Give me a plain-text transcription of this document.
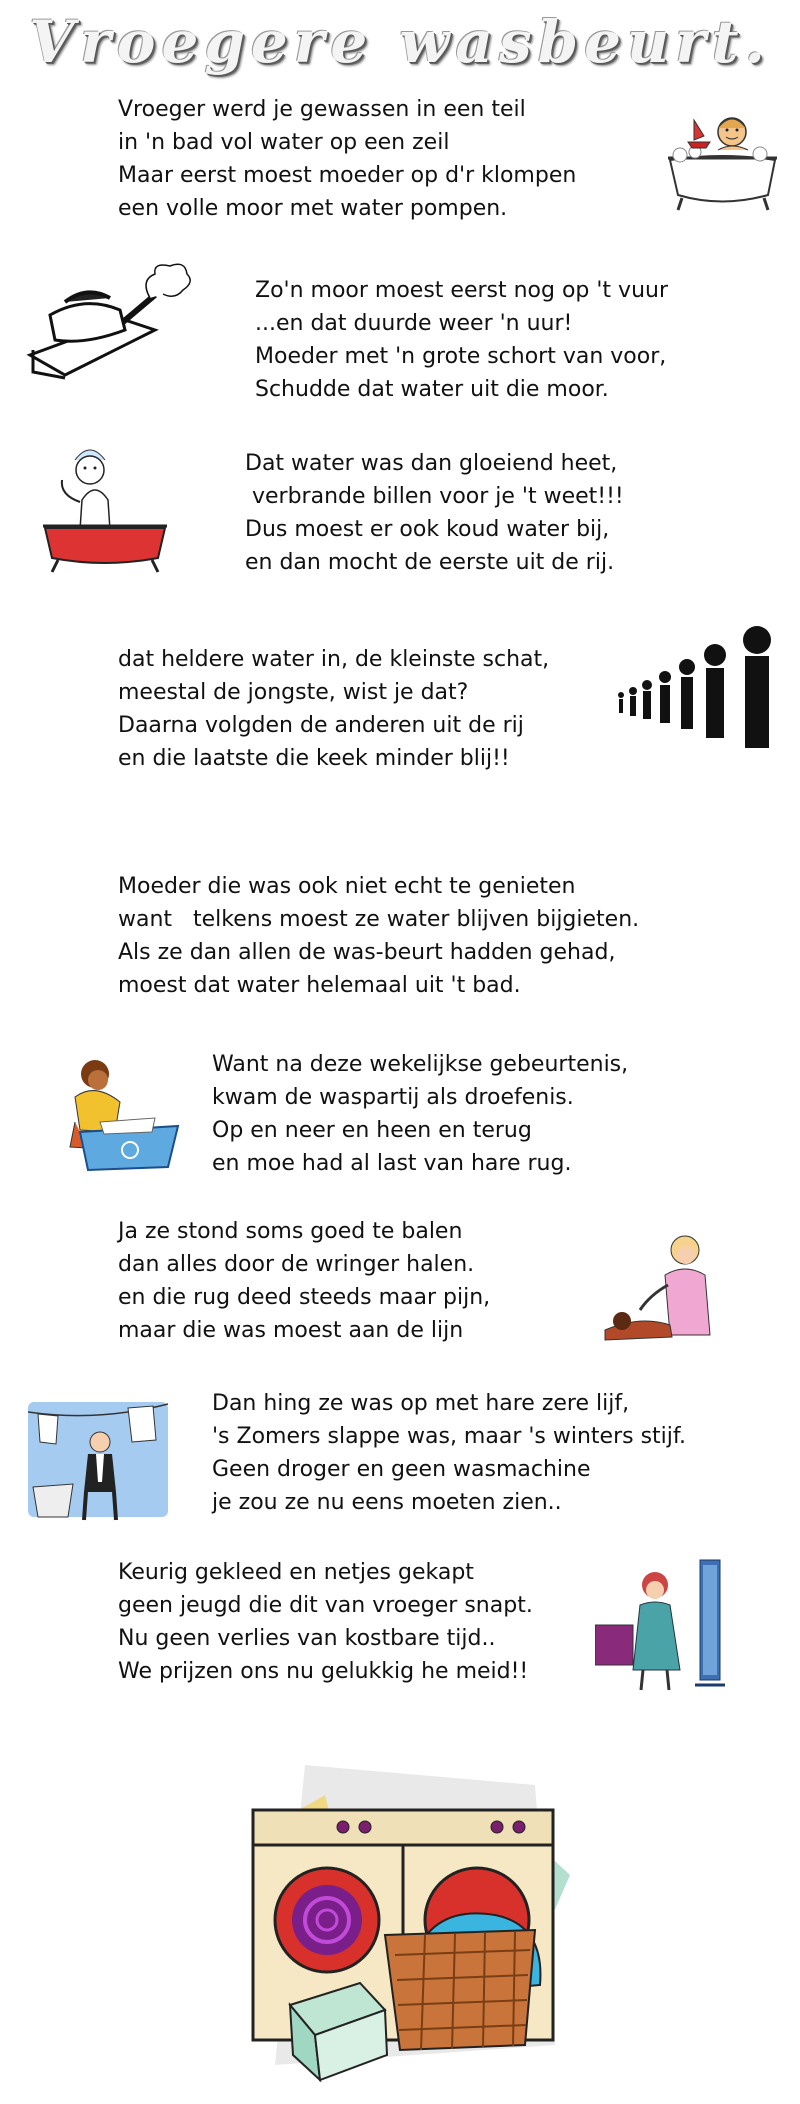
Vroegere wasbeurt.
Vroeger werd je gewassen in een teil
in 'n bad vol water op een zeil
Maar eerst moest moeder op d'r klompen
een volle moor met water pompen.
Zo'n moor moest eerst nog op 't vuur
...en dat duurde weer 'n uur!
Moeder met 'n grote schort van voor,
Schudde dat water uit die moor.
Dat water was dan gloeiend heet,
verbrande billen voor je 't weet!!!
Dus moest er ook koud water bij,
en dan mocht de eerste uit de rij.
dat heldere water in, de kleinste schat,
meestal de jongste, wist je dat?
Daarna volgden de anderen uit de rij
en die laatste die keek minder blij!!
Moeder die was ook niet echt te genieten
want   telkens moest ze water blijven bijgieten.
Als ze dan allen de was-beurt hadden gehad,
moest dat water helemaal uit 't bad.
Want na deze wekelijkse gebeurtenis,
kwam de waspartij als droefenis.
Op en neer en heen en terug
en moe had al last van hare rug.
Ja ze stond soms goed te balen
dan alles door de wringer halen.
en die rug deed steeds maar pijn,
maar die was moest aan de lijn
Dan hing ze was op met hare zere lijf,
's Zomers slappe was, maar 's winters stijf.
Geen droger en geen wasmachine
je zou ze nu eens moeten zien..
Keurig gekleed en netjes gekapt
geen jeugd die dit van vroeger snapt.
Nu geen verlies van kostbare tijd..
We prijzen ons nu gelukkig he meid!!
